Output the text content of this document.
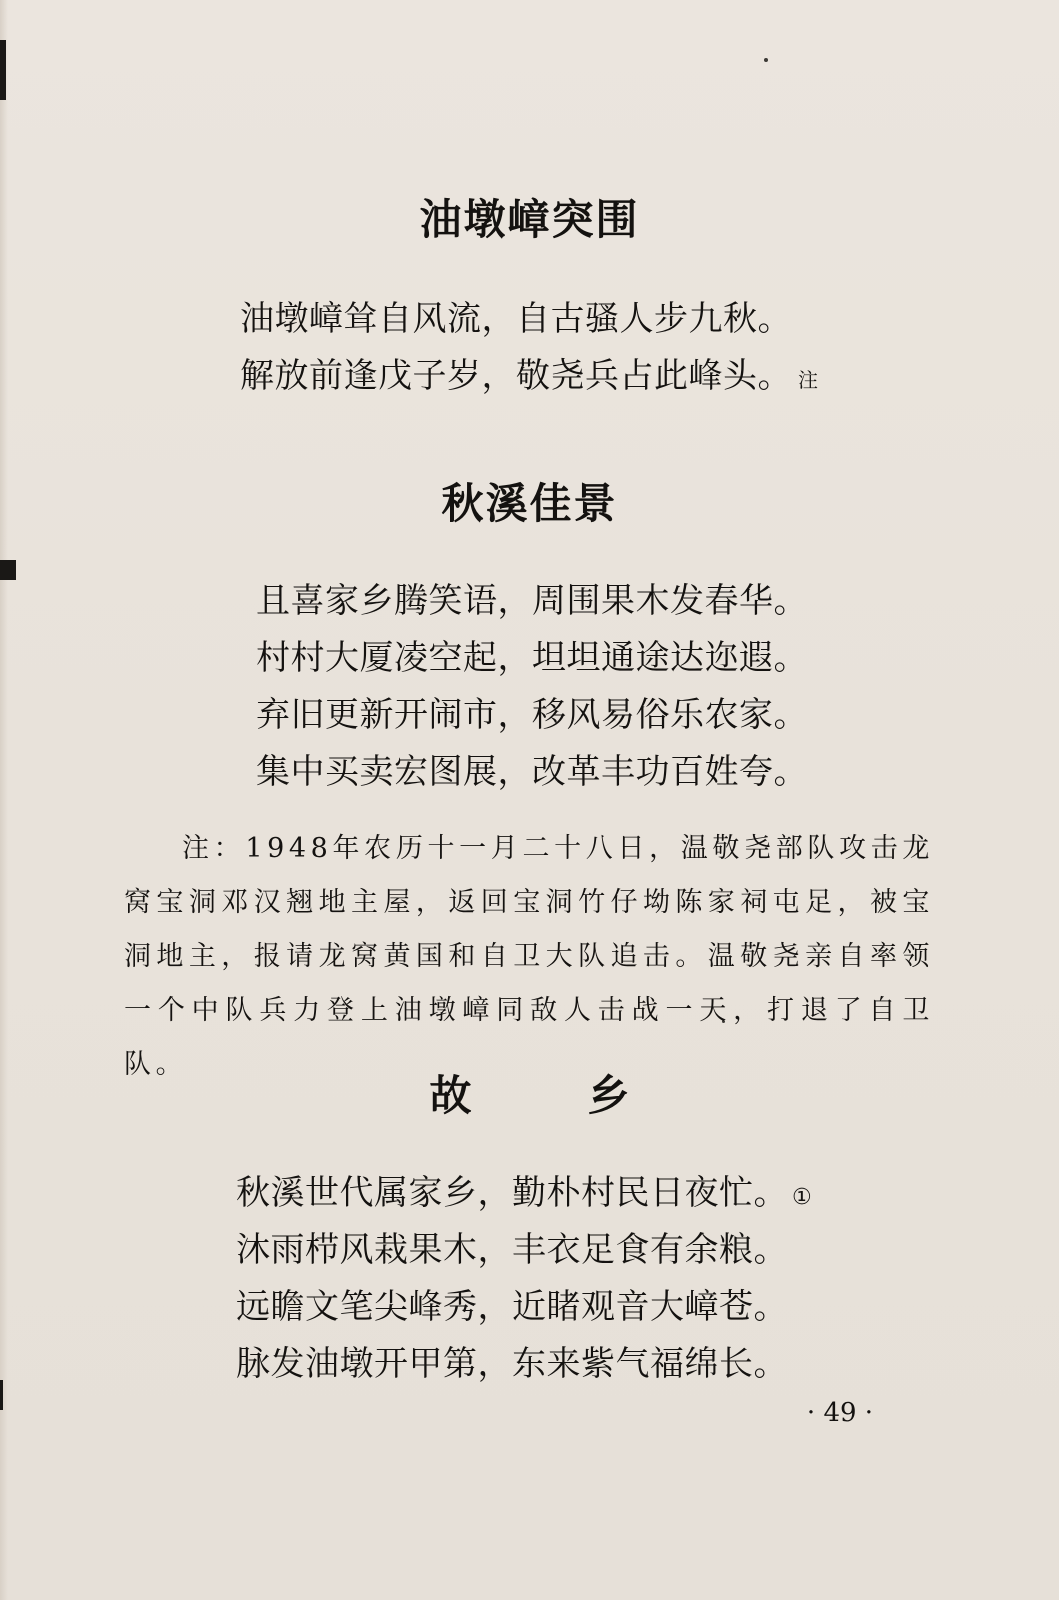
油墩嶂突围
油墩嶂耸自风流，自古骚人步九秋。
解放前逢戊子岁，敬尧兵占此峰头。 注
秋溪佳景
且喜家乡腾笑语，周围果木发春华。
村村大厦凌空起，坦坦通途达迩遐。
弃旧更新开闹市，移风易俗乐农家。
集中买卖宏图展，改革丰功百姓夸。

注：1948年农历十一月二十八日，温敬尧部队攻击龙窝宝洞邓汉翘地主屋，返回宝洞竹仔坳陈家祠屯足，被宝洞地主，报请龙窝黄国和自卫大队追击。温敬尧亲自率领一个中队兵力登上油墩嶂同敌人击战一天，打退了自卫队。

故	乡
秋溪世代属家乡，勤朴村民日夜忙。 ①
沐雨栉风栽果木，丰衣足食有余粮。
远瞻文笔尖峰秀，近睹观音大嶂苍。
脉发油墩开甲第，东来紫气福绵长。
· 49 ·
